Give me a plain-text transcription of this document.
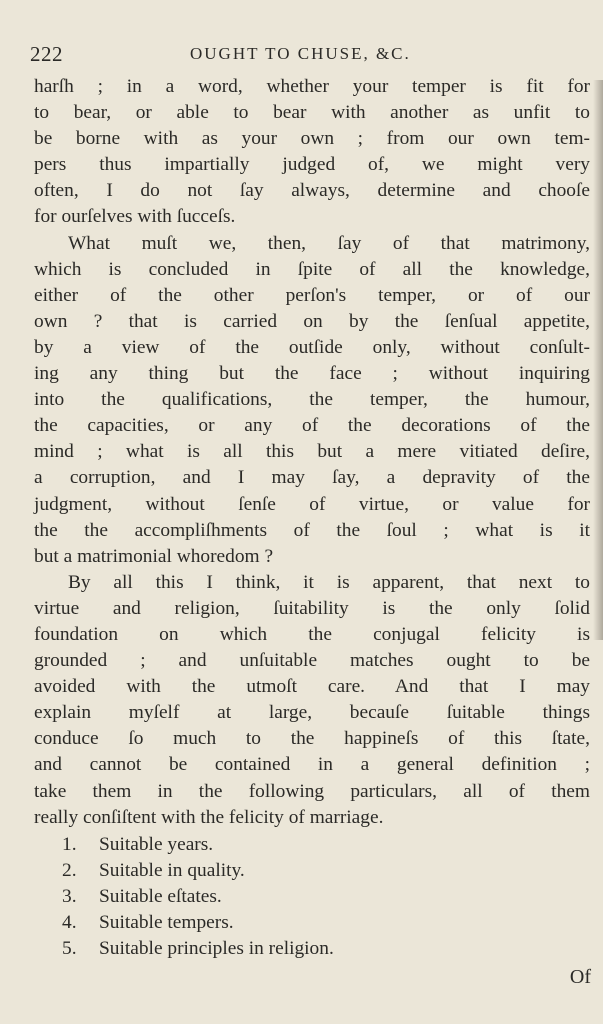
222	OUGHT TO CHUSE, &C.
harſh ; in a word, whether your temper is fit for
to bear, or able to bear with another as unfit to
be borne with as your own ; from our own tem-
pers thus impartially judged of, we might very
often, I do not ſay always, determine and chooſe
for ourſelves with ſucceſs.
What muſt we, then, ſay of that matrimony,
which is concluded in ſpite of all the knowledge,
either of the other perſon's temper, or of our
own ? that is carried on by the ſenſual appetite,
by a view of the outſide only, without conſult-
ing any thing but the face ; without inquiring
into the qualifications, the temper, the humour,
the capacities, or any of the decorations of the
mind ; what is all this but a mere vitiated deſire,
a corruption, and I may ſay, a depravity of the
judgment, without ſenſe of virtue, or value for
the the accompliſhments of the ſoul ; what is it
but a matrimonial whoredom ?
By all this I think, it is apparent, that next to
virtue and religion, ſuitability is the only ſolid
foundation on which the conjugal felicity is
grounded ; and unſuitable matches ought to be
avoided with the utmoſt care. And that I may
explain myſelf at large, becauſe ſuitable things
conduce ſo much to the happineſs of this ſtate,
and cannot be contained in a general definition ;
take them in the following particulars, all of them
really conſiſtent with the felicity of marriage.
1. Suitable years.
2. Suitable in quality.
3. Suitable eſtates.
4. Suitable tempers.
5. Suitable principles in religion.
Of
